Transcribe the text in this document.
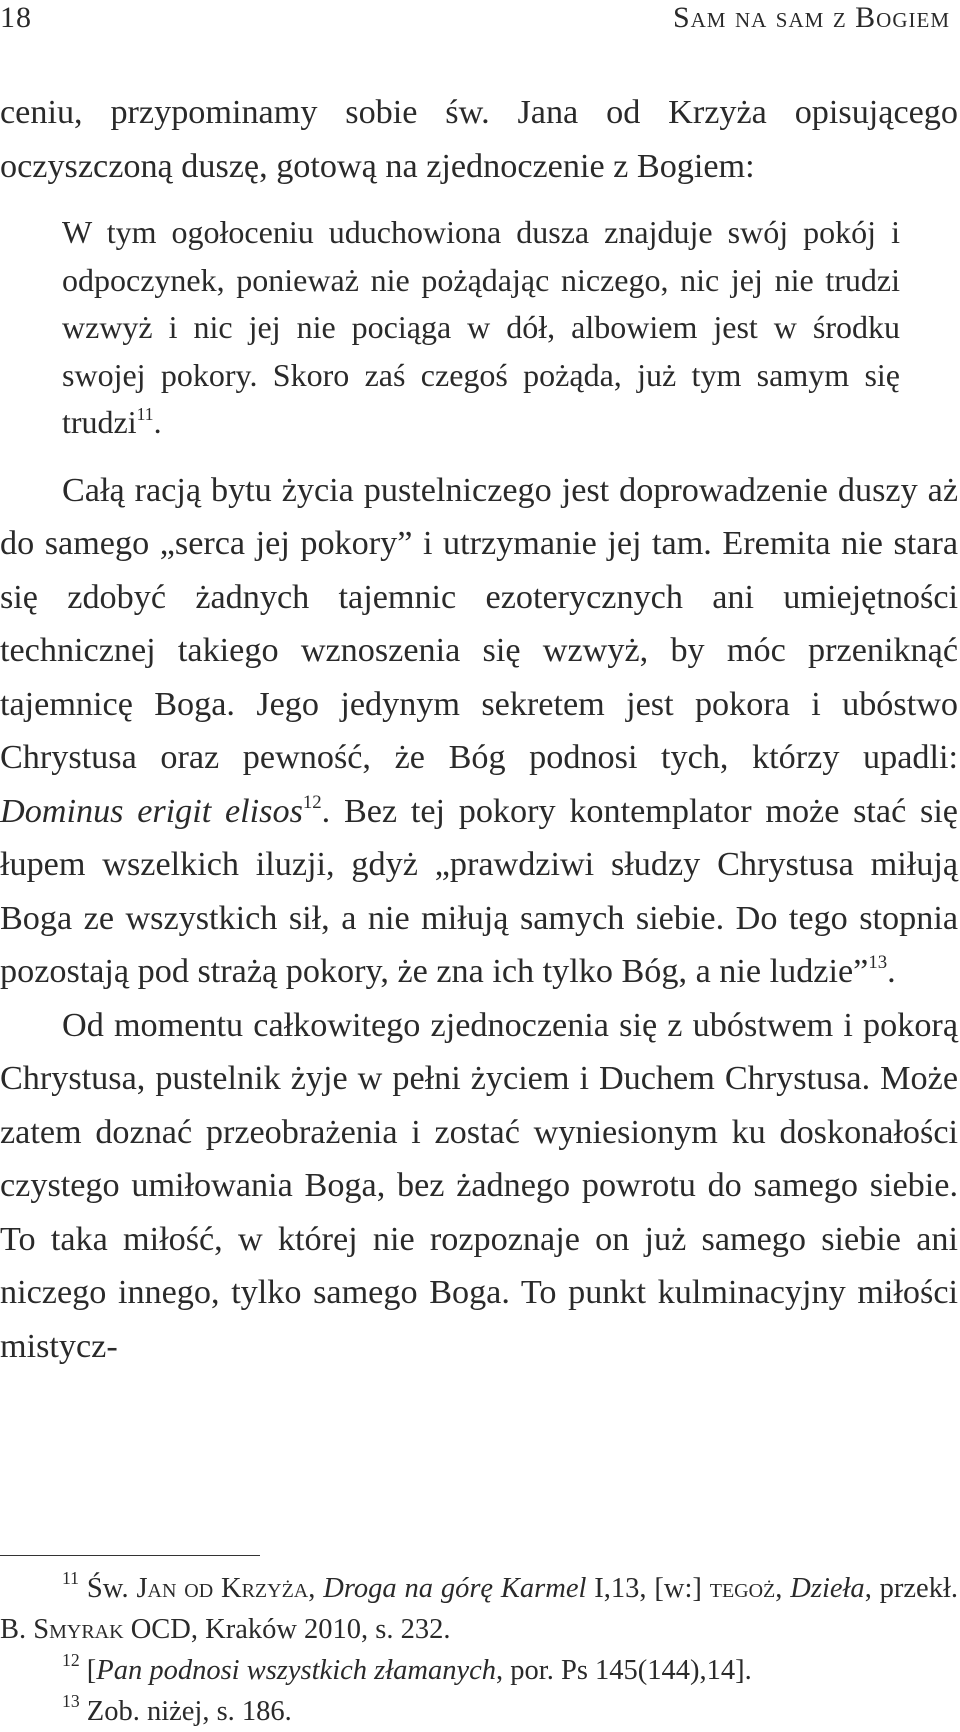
18	Sam na sam z Bogiem

ceniu, przypominamy sobie św. Jana od Krzyża opisującego oczyszczoną duszę, gotową na zjednoczenie z Bogiem:

W tym ogołoceniu uduchowiona dusza znajduje swój pokój i odpoczynek, ponieważ nie pożądając niczego, nic jej nie trudzi wzwyż i nic jej nie pociąga w dół, albowiem jest w środku swojej pokory. Skoro zaś czegoś pożąda, już tym samym się trudzi$^{11}$.

Całą racją bytu życia pustelniczego jest doprowadzenie duszy aż do samego „serca jej pokory” i utrzymanie jej tam. Eremita nie stara się zdobyć żadnych tajemnic ezoterycznych ani umiejętności technicznej takiego wznoszenia się wzwyż, by móc przeniknąć tajemnicę Boga. Jego jedynym sekretem jest pokora i ubóstwo Chrystusa oraz pewność, że Bóg podnosi tych, którzy upadli: Dominus erigit elisos$^{12}$. Bez tej pokory kontemplator może stać się łupem wszelkich iluzji, gdyż „prawdziwi słudzy Chrystusa miłują Boga ze wszystkich sił, a nie miłują samych siebie. Do tego stopnia pozostają pod strażą pokory, że zna ich tylko Bóg, a nie ludzie”$^{13}$.

Od momentu całkowitego zjednoczenia się z ubóstwem i pokorą Chrystusa, pustelnik żyje w pełni życiem i Duchem Chrystusa. Może zatem doznać przeobrażenia i zostać wyniesionym ku doskonałości czystego umiłowania Boga, bez żadnego powrotu do samego siebie. To taka miłość, w której nie rozpoznaje on już samego siebie ani niczego innego, tylko samego Boga. To punkt kulminacyjny miłości mistycz-

$^{11}$ Św. Jan od Krzyża, Droga na górę Karmel I,13, [w:] tegoż, Dzieła, przekł. B. Smyrak OCD, Kraków 2010, s. 232.

$^{12}$ [Pan podnosi wszystkich złamanych, por. Ps 145(144),14].

$^{13}$ Zob. niżej, s. 186.
